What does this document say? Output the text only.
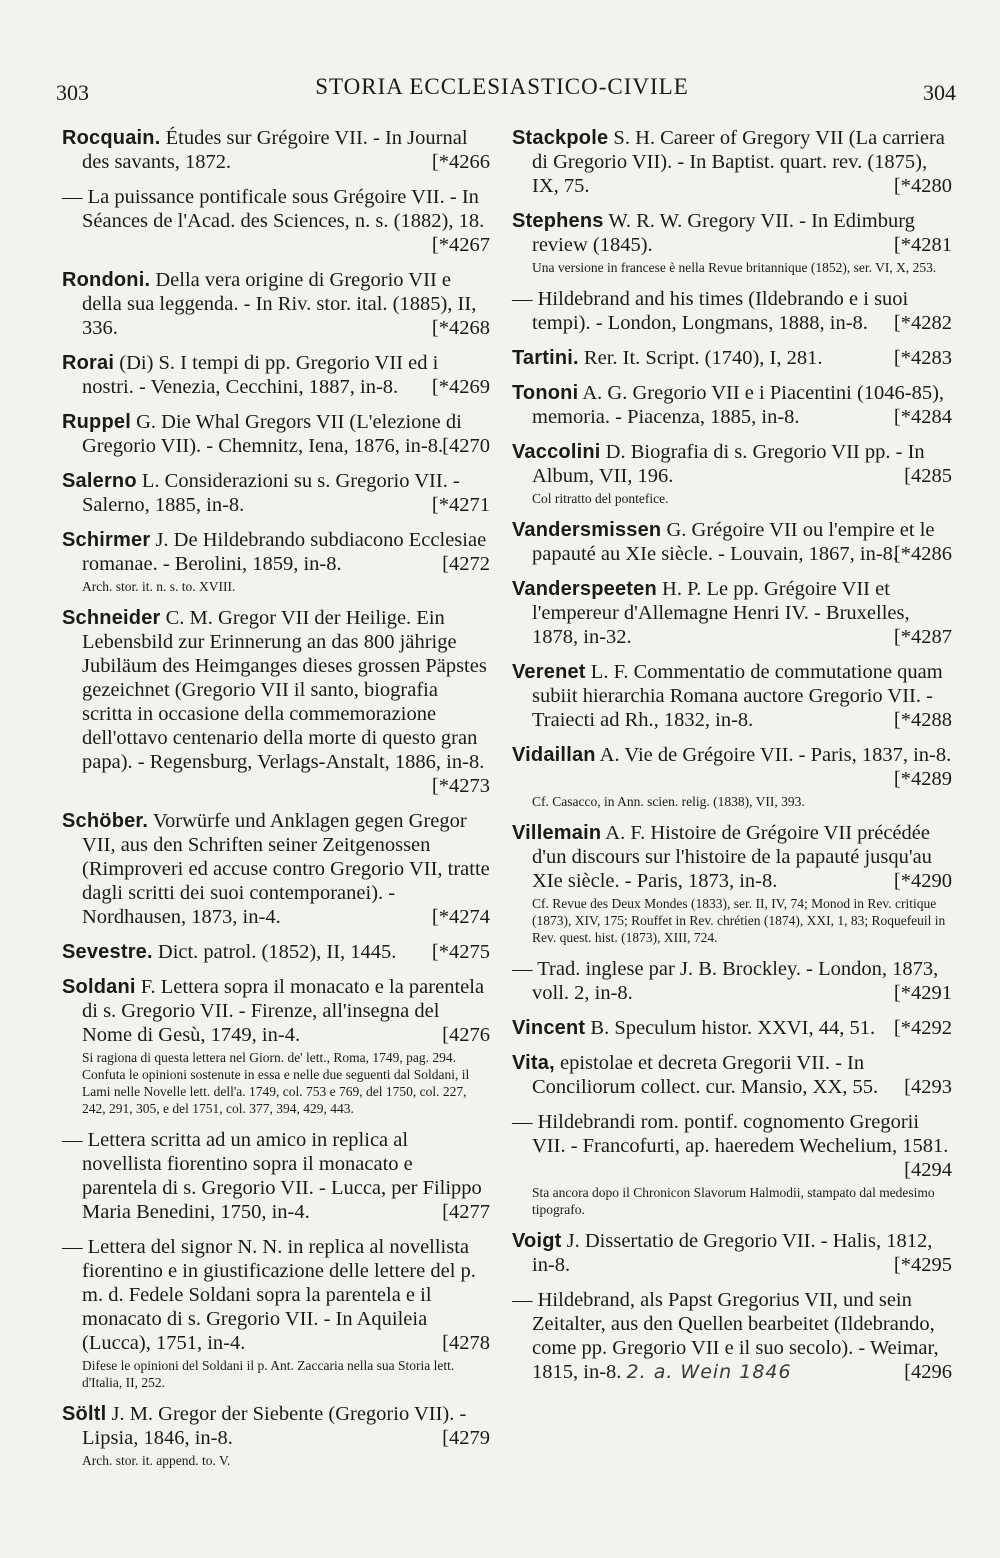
303	STORIA ECCLESIASTICO-CIVILE	304
Rocquain. Études sur Grégoire VII. - In Journal des savants, 1872.	[*4266
— La puissance pontificale sous Grégoire VII. - In Séances de l'Acad. des Sciences, n. s. (1882), 18.
[*4267
Rondoni. Della vera origine di Gregorio VII e della sua leggenda. - In Riv. stor. ital. (1885), II, 336.	[*4268
Rorai (Di) S. I tempi di pp. Gregorio VII ed i nostri. - Venezia, Cecchini, 1887, in-8. [*4269
Ruppel G. Die Whal Gregors VII (L'elezione di Gregorio VII). - Chemnitz, Iena, 1876, in-8. [4270
Salerno L. Considerazioni su s. Gregorio VII. - Salerno, 1885, in-8.	[*4271
Schirmer J. De Hildebrando subdiacono Ecclesiae romanae. - Berolini, 1859, in-8.	[4272
Arch. stor. it. n. s. to. XVIII.
Schneider C. M. Gregor VII der Heilige. Ein Lebensbild zur Erinnerung an das 800 jährige Jubiläum des Heimganges dieses grossen Päpstes gezeichnet (Gregorio VII il santo, biografia scritta in occasione della commemorazione dell'ottavo centenario della morte di questo gran papa). - Regensburg, Verlags-Anstalt, 1886, in-8.
[*4273
Schöber. Vorwürfe und Anklagen gegen Gregor VII, aus den Schriften seiner Zeitgenossen (Rimproveri ed accuse contro Gregorio VII, tratte dagli scritti dei suoi contemporanei). - Nordhausen, 1873, in-4.	[*4274
Sevestre. Dict. patrol. (1852), II, 1445. [*4275
Soldani F. Lettera sopra il monacato e la parentela di s. Gregorio VII. - Firenze, all'insegna del Nome di Gesù, 1749, in-4.	[4276
Si ragiona di questa lettera nel Giorn. de' lett., Roma, 1749, pag. 294. Confuta le opinioni sostenute in essa e nelle due seguenti dal Soldani, il Lami nelle Novelle lett. dell'a. 1749, col. 753 e 769, del 1750, col. 227, 242, 291, 305, e del 1751, col. 377, 394, 429, 443.
— Lettera scritta ad un amico in replica al novellista fiorentino sopra il monacato e parentela di s. Gregorio VII. - Lucca, per Filippo Maria Benedini, 1750, in-4.	[4277
— Lettera del signor N. N. in replica al novellista fiorentino e in giustificazione delle lettere del p. m. d. Fedele Soldani sopra la parentela e il monacato di s. Gregorio VII. - In Aquileia (Lucca), 1751, in-4.	[4278
Difese le opinioni del Soldani il p. Ant. Zaccaria nella sua Storia lett. d'Italia, II, 252.
Söltl J. M. Gregor der Siebente (Gregorio VII). - Lipsia, 1846, in-8.	[4279
Arch. stor. it. append. to. V.
Stackpole S. H. Career of Gregory VII (La carriera di Gregorio VII). - In Baptist. quart. rev. (1875), IX, 75.	[*4280
Stephens W. R. W. Gregory VII. - In Edimburg review (1845).	[*4281
Una versione in francese è nella Revue britannique (1852), ser. VI, X, 253.
— Hildebrand and his times (Ildebrando e i suoi tempi). - London, Longmans, 1888, in-8. [*4282
Tartini. Rer. It. Script. (1740), I, 281.	[*4283
Tononi A. G. Gregorio VII e i Piacentini (1046-85), memoria. - Piacenza, 1885, in-8.	[*4284
Vaccolini D. Biografia di s. Gregorio VII pp. - In Album, VII, 196.	[4285
Col ritratto del pontefice.
Vandersmissen G. Grégoire VII ou l'empire et le papauté au XIe siècle. - Louvain, 1867, in-8.
[*4286
Vanderspeeten H. P. Le pp. Grégoire VII et l'empereur d'Allemagne Henri IV. - Bruxelles, 1878, in-32.	[*4287
Verenet L. F. Commentatio de commutatione quam subiit hierarchia Romana auctore Gregorio VII. - Traiecti ad Rh., 1832, in-8.	[*4288
Vidaillan A. Vie de Grégoire VII. - Paris, 1837, in-8.
[*4289
Cf. Casacco, in Ann. scien. relig. (1838), VII, 393.
Villemain A. F. Histoire de Grégoire VII précédée d'un discours sur l'histoire de la papauté jusqu'au XIe siècle. - Paris, 1873, in-8.	[*4290
Cf. Revue des Deux Mondes (1833), ser. II, IV, 74; Monod in Rev. critique (1873), XIV, 175; Rouffet in Rev. chrétien (1874), XXI, 1, 83; Roquefeuil in Rev. quest. hist. (1873), XIII, 724.
— Trad. inglese par J. B. Brockley. - London, 1873, voll. 2, in-8.	[*4291
Vincent B. Speculum histor. XXVI, 44, 51. [*4292
Vita, epistolae et decreta Gregorii VII. - In Conciliorum collect. cur. Mansio, XX, 55. [4293
— Hildebrandi rom. pontif. cognomento Gregorii VII. - Francofurti, ap. haeredem Wechelium, 1581.
[4294
Sta ancora dopo il Chronicon Slavorum Halmodii, stampato dal medesimo tipografo.
Voigt J. Dissertatio de Gregorio VII. - Halis, 1812, in-8.	[*4295
— Hildebrand, als Papst Gregorius VII, und sein Zeitalter, aus den Quellen bearbeitet (Ildebrando, come pp. Gregorio VII e il suo secolo). - Weimar, 1815, in-8. 2. a. Wein 1846	[4296
